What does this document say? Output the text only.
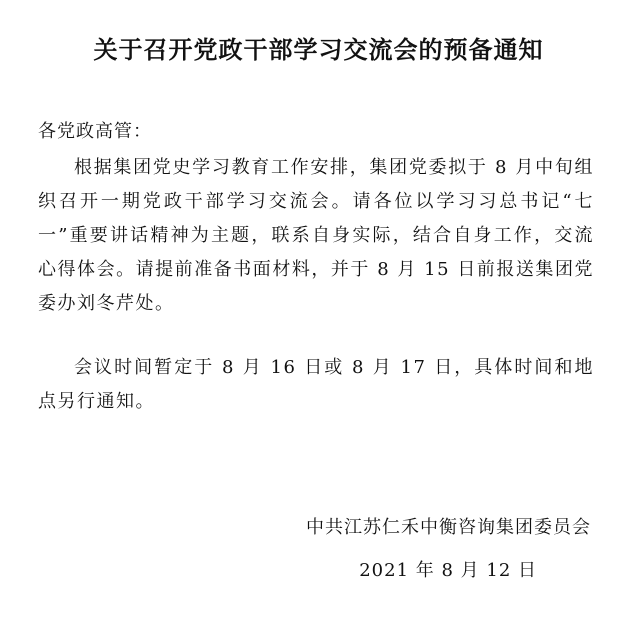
关于召开党政干部学习交流会的预备通知
各党政高管：

根据集团党史学习教育工作安排，集团党委拟于 8 月中旬组织召开一期党政干部学习交流会。请各位以学习习总书记“七一”重要讲话精神为主题，联系自身实际，结合自身工作，交流心得体会。请提前准备书面材料，并于 8 月 15 日前报送集团党委办刘冬芹处。

会议时间暂定于 8 月 16 日或 8 月 17 日，具体时间和地点另行通知。

中共江苏仁禾中衡咨询集团委员会
2021 年 8 月 12 日
